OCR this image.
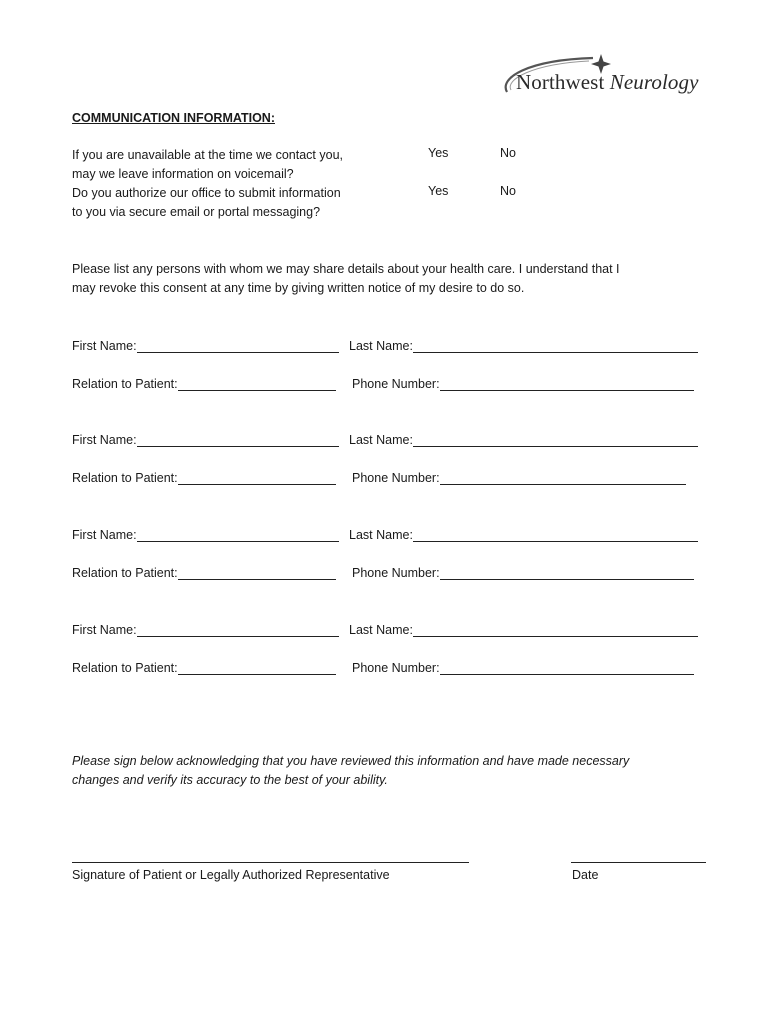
Northwest Neurology
COMMUNICATION INFORMATION:
If you are unavailable at the time we contact you,
may we leave information on voicemail?
Yes	No
Do you authorize our office to submit information
to you via secure email or portal messaging?
Yes	No
Please list any persons with whom we may share details about your health care. I understand that I
may revoke this consent at any time by giving written notice of my desire to do so.
First Name:	Last Name:
Relation to Patient:	Phone Number:
First Name:	Last Name:
Relation to Patient:	Phone Number:
First Name:	Last Name:
Relation to Patient:	Phone Number:
First Name:	Last Name:
Relation to Patient:	Phone Number:
Please sign below acknowledging that you have reviewed this information and have made necessary
changes and verify its accuracy to the best of your ability.
Signature of Patient or Legally Authorized Representative	Date
